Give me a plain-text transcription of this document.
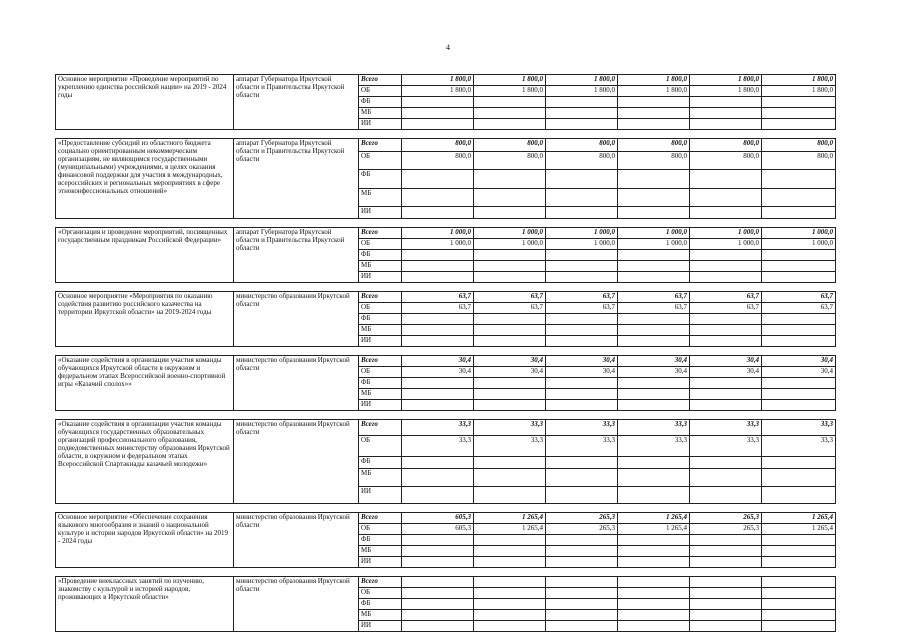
4
Основное мероприятие «Проведение мероприятий по укреплению единства российской нации» на 2019 - 2024 годы	аппарат Губернатора Иркутской области и Правительства Иркутской области	Всего	1 800,0	1 800,0	1 800,0	1 800,0	1 800,0	1 800,0
		ОБ	1 800,0	1 800,0	1 800,0	1 800,0	1 800,0	1 800,0
		ФБ						
		МБ						
		ИИ						

«Предоставление субсидий из областного бюджета социально ориентированным некоммерческим организациям, не являющимся государственными (муниципальными) учреждениями, в целях оказания финансовой поддержки для участия в международных, всероссийских и региональных мероприятиях в сфере этноконфессиональных отношений»	аппарат Губернатора Иркутской области и Правительства Иркутской области	Всего	800,0	800,0	800,0	800,0	800,0	800,0
		ОБ	800,0	800,0	800,0	800,0	800,0	800,0
		ФБ						
		МБ						
		ИИ						

«Организация и проведение мероприятий, посвященных государственным праздникам Российской Федерации»	аппарат Губернатора Иркутской области и Правительства Иркутской области	Всего	1 000,0	1 000,0	1 000,0	1 000,0	1 000,0	1 000,0
		ОБ	1 000,0	1 000,0	1 000,0	1 000,0	1 000,0	1 000,0
		ФБ						
		МБ						
		ИИ						

Основное мероприятие «Мероприятия по оказанию содействия развитию российского казачества на территории Иркутской области» на 2019-2024 годы	министерство образования Иркутской области	Всего	63,7	63,7	63,7	63,7	63,7	63,7
		ОБ	63,7	63,7	63,7	63,7	63,7	63,7
		ФБ						
		МБ						
		ИИ						

«Оказание содействия в организации участия команды обучающихся Иркутской области в окружном и федеральном этапах Всероссийской военно-спортивной игры «Казачий сполох»»	министерство образования Иркутской области	Всего	30,4	30,4	30,4	30,4	30,4	30,4
		ОБ	30,4	30,4	30,4	30,4	30,4	30,4
		ФБ						
		МБ						
		ИИ						

«Оказание содействия в организации участия команды обучающихся государственных образовательных организаций профессионального образования, подведомственных министерству образования Иркутской области, в окружном и федеральном этапах Всероссийской Спартакиады казачьей молодежи»	министерство образования Иркутской области	Всего	33,3	33,3	33,3	33,3	33,3	33,3
		ОБ	33,3	33,3	33,3	33,3	33,3	33,3
		ФБ						
		МБ						
		ИИ						

Основное мероприятие «Обеспечение сохранения языкового многообразия и знаний о национальной культуре и истории народов Иркутской области» на 2019 - 2024 годы	министерство образования Иркутской области	Всего	605,3	1 265,4	265,3	1 265,4	265,3	1 265,4
		ОБ	605,3	1 265,4	265,3	1 265,4	265,3	1 265,4
		ФБ						
		МБ						
		ИИ						

«Проведение внеклассных занятий по изучению, знакомству с культурой и историей народов, проживающих в Иркутской области»	министерство образования Иркутской области	Всего						
		ОБ						
		ФБ						
		МБ						
		ИИ						
